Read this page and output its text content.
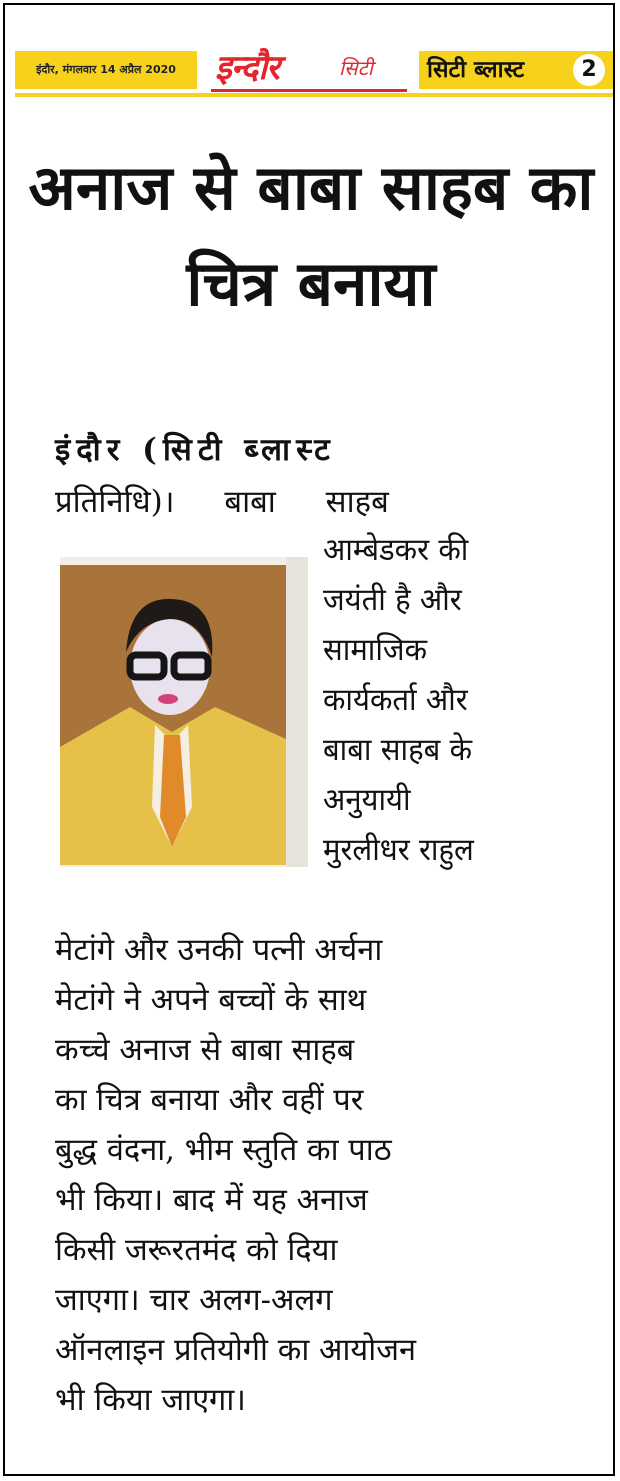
इंदौर, मंगलवार 14 अप्रैल 2020	इन्दौर	सिटी सिटी ब्लास्ट	2
अनाज से बाबा साहब का चित्र बनाया

इंदौर (सिटी ब्लास्ट

प्रतिनिधि)। बाबा साहब

आम्बेडकर की

जयंती है और

सामाजिक

कार्यकर्ता और

बाबा साहब के

अनुयायी

मुरलीधर राहुल

मेटांगे और उनकी पत्नी अर्चना

मेटांगे ने अपने बच्चों के साथ

कच्चे अनाज से बाबा साहब

का चित्र बनाया और वहीं पर

बुद्ध वंदना, भीम स्तुति का पाठ

भी किया। बाद में यह अनाज

किसी जरूरतमंद को दिया

जाएगा। चार अलग-अलग

ऑनलाइन प्रतियोगी का आयोजन

भी किया जाएगा।
